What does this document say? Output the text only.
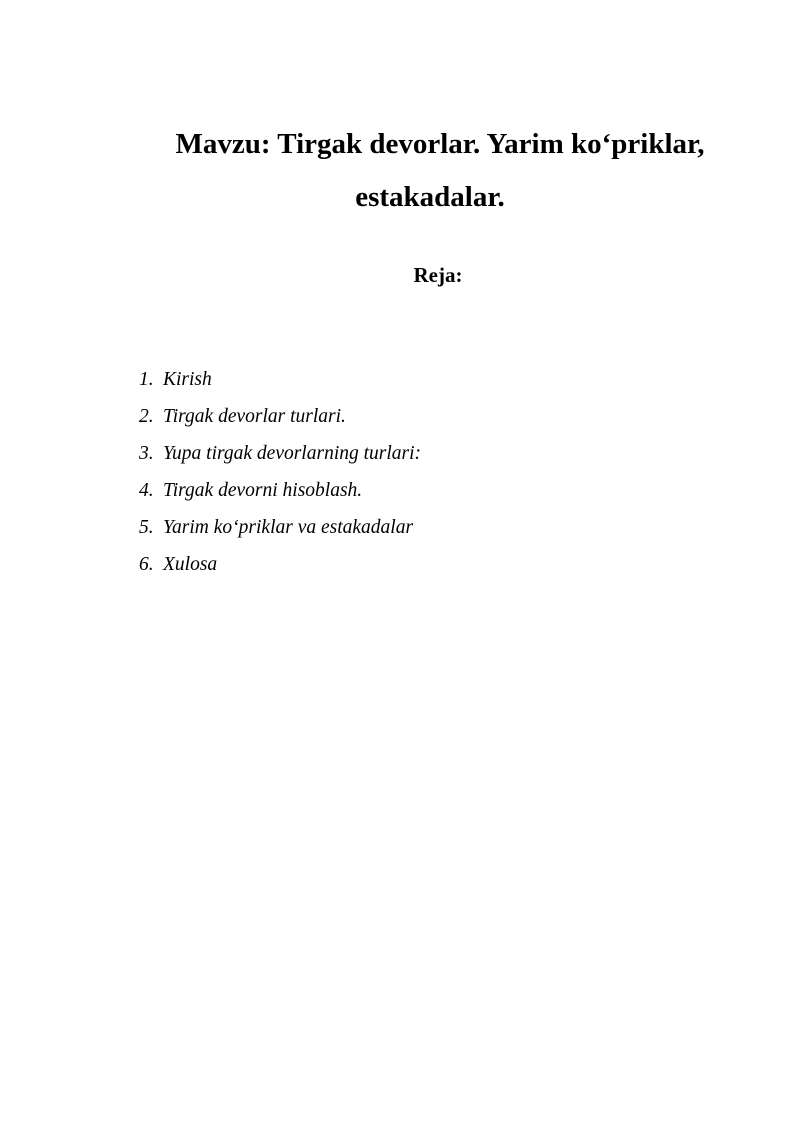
Mavzu: Tirgak devorlar. Yarim ko‘priklar,
estakadalar.
Reja:
1. Kirish
2. Tirgak devorlar turlari.
3. Yupa tirgak devorlarning turlari:
4. Tirgak devorni hisoblash.
5. Yarim ko‘priklar va estakadalar
6. Xulosa
